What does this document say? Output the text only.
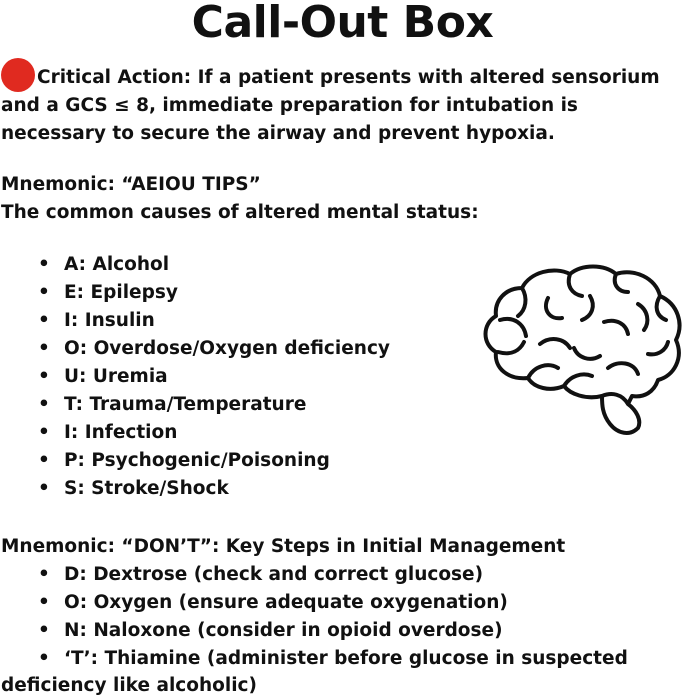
Call-Out Box
Critical Action: If a patient presents with altered sensorium and a GCS ≤ 8, immediate preparation for intubation is necessary to secure the airway and prevent hypoxia.
Mnemonic: “AEIOU TIPS”
The common causes of altered mental status:
• A: Alcohol
• E: Epilepsy
• I: Insulin
• O: Overdose/Oxygen deficiency
• U: Uremia
• T: Trauma/Temperature
• I: Infection
• P: Psychogenic/Poisoning
• S: Stroke/Shock
Mnemonic: “DON’T”: Key Steps in Initial Management
• D: Dextrose (check and correct glucose)
• O: Oxygen (ensure adequate oxygenation)
• N: Naloxone (consider in opioid overdose)
• ‘T’: Thiamine (administer before glucose in suspected
deficiency like alcoholic)
